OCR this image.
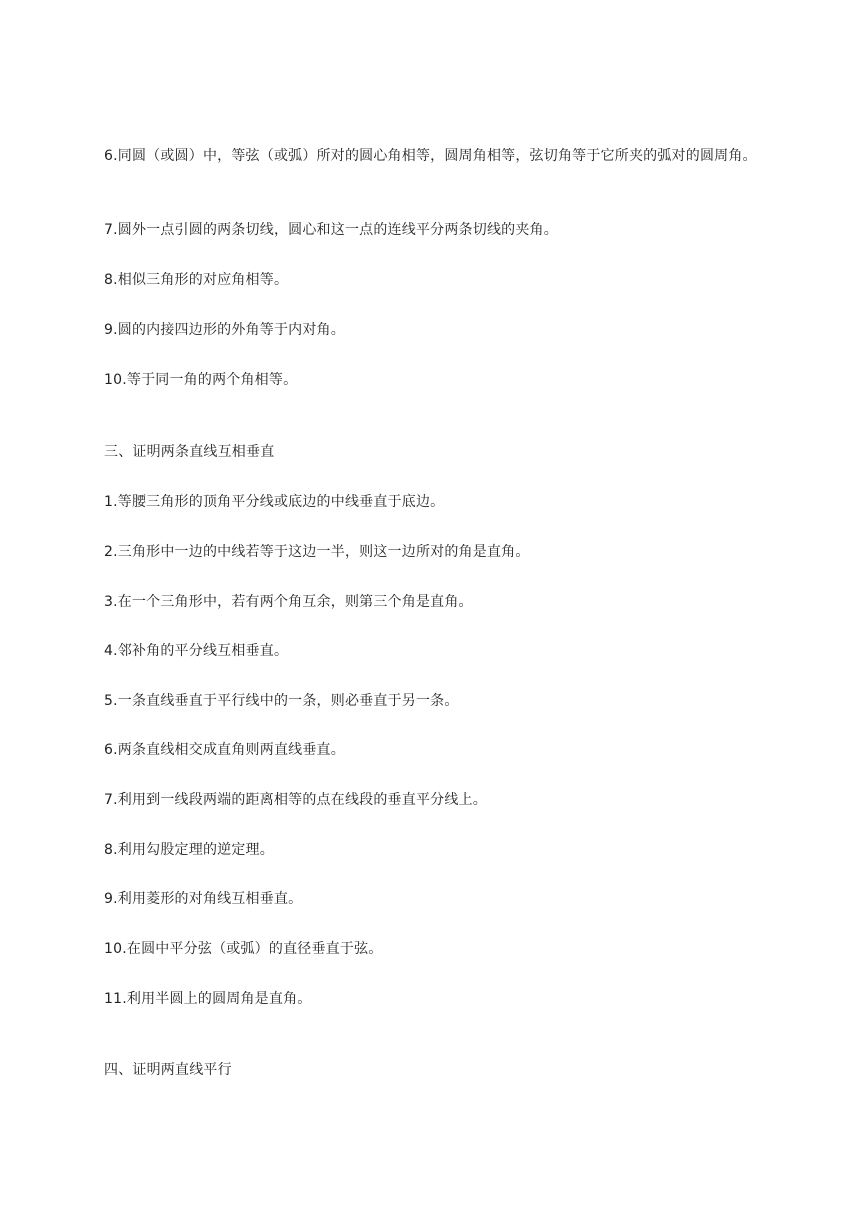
6.同圆（或圆）中，等弦（或弧）所对的圆心角相等，圆周角相等，弦切角等于它所夹的弧对的圆周角。

7.圆外一点引圆的两条切线，圆心和这一点的连线平分两条切线的夹角。

8.相似三角形的对应角相等。

9.圆的内接四边形的外角等于内对角。

10.等于同一角的两个角相等。

三、证明两条直线互相垂直

1.等腰三角形的顶角平分线或底边的中线垂直于底边。

2.三角形中一边的中线若等于这边一半，则这一边所对的角是直角。

3.在一个三角形中，若有两个角互余，则第三个角是直角。

4.邻补角的平分线互相垂直。

5.一条直线垂直于平行线中的一条，则必垂直于另一条。

6.两条直线相交成直角则两直线垂直。

7.利用到一线段两端的距离相等的点在线段的垂直平分线上。

8.利用勾股定理的逆定理。

9.利用菱形的对角线互相垂直。

10.在圆中平分弦（或弧）的直径垂直于弦。

11.利用半圆上的圆周角是直角。

四、证明两直线平行
